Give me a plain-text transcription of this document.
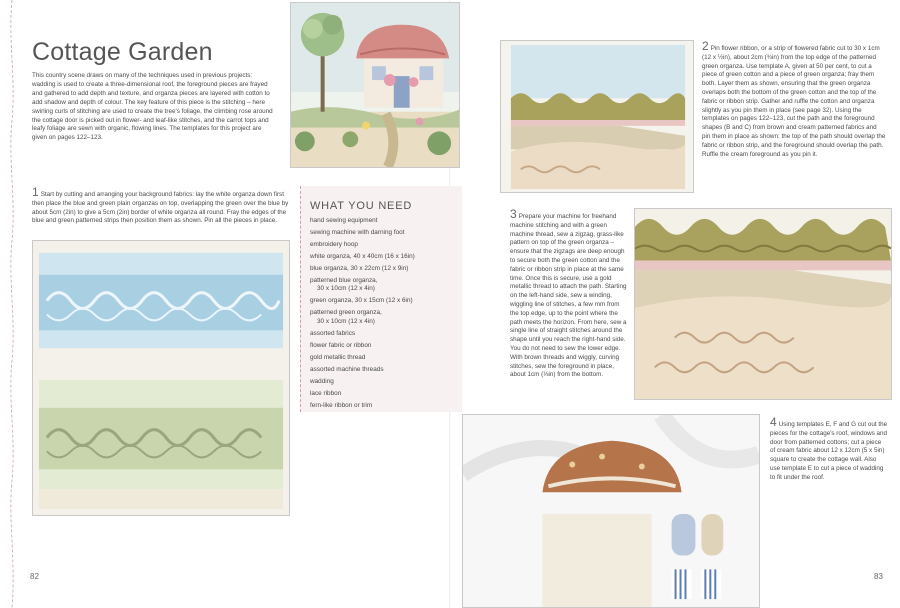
Cottage Garden

This country scene draws on many of the techniques used in previous projects: wadding is used to create a three-dimensional roof, the foreground pieces are frayed and gathered to add depth and texture, and organza pieces are layered with cotton to add shadow and depth of colour. The key feature of this piece is the stitching – here swirling curls of stitching are used to create the tree's foliage, the climbing rose around the cottage door is picked out in flower- and leaf-like stitches, and the carrot tops and leafy foliage are sewn with organic, flowing lines. The templates for this project are given on pages 122–123.

1 Start by cutting and arranging your background fabrics: lay the white organza down first then place the blue and green plain organzas on top, overlapping the green over the blue by about 5cm (2in) to give a 5cm (2in) border of white organza all round. Fray the edges of the blue and green patterned strips then position them as shown. Pin all the pieces in place.
WHAT YOU NEED
hand sewing equipment
sewing machine with darning foot
embroidery hoop
white organza, 40 x 40cm (16 x 16in)
blue organza, 30 x 22cm (12 x 9in)
patterned blue organza,
30 x 10cm (12 x 4in)
green organza, 30 x 15cm (12 x 6in)
patterned green organza,
30 x 10cm (12 x 4in)
assorted fabrics
flower fabric or ribbon
gold metallic thread
assorted machine threads
wadding
lace ribbon
fern-like ribbon or trim
82
2 Pin flower ribbon, or a strip of flowered fabric cut to 30 x 1cm (12 x ½in), about 2cm (¾in) from the top edge of the patterned green organza. Use template A, given at 50 per cent, to cut a piece of green cotton and a piece of green organza; fray them both. Layer them as shown, ensuring that the green organza overlaps both the bottom of the green cotton and the top of the fabric or ribbon strip. Gather and ruffle the cotton and organza slightly as you pin them in place (see page 32). Using the templates on pages 122–123, cut the path and the foreground shapes (B and C) from brown and cream patterned fabrics and pin them in place as shown: the top of the path should overlap the fabric or ribbon strip, and the foreground should overlap the path. Ruffle the cream foreground as you pin it.
3 Prepare your machine for freehand machine stitching and with a green machine thread, sew a zigzag, grass-like pattern on top of the green organza – ensure that the zigzags are deep enough to secure both the green cotton and the fabric or ribbon strip in place at the same time. Once this is secure, use a gold metallic thread to attach the path. Starting on the left-hand side, sew a winding, wiggling line of stitches, a few mm from the top edge, up to the point where the path meets the horizon. From here, sew a single line of straight stitches around the shape until you reach the right-hand side. You do not need to sew the lower edge. With brown threads and wiggly, curving stitches, sew the foreground in place, about 1cm (⅓in) from the bottom.
4 Using templates E, F and G cut out the pieces for the cottage's roof, windows and door from patterned cottons; cut a piece of cream fabric about 12 x 12cm (5 x 5in) square to create the cottage wall. Also use template E to cut a piece of wadding to fit under the roof.
83
